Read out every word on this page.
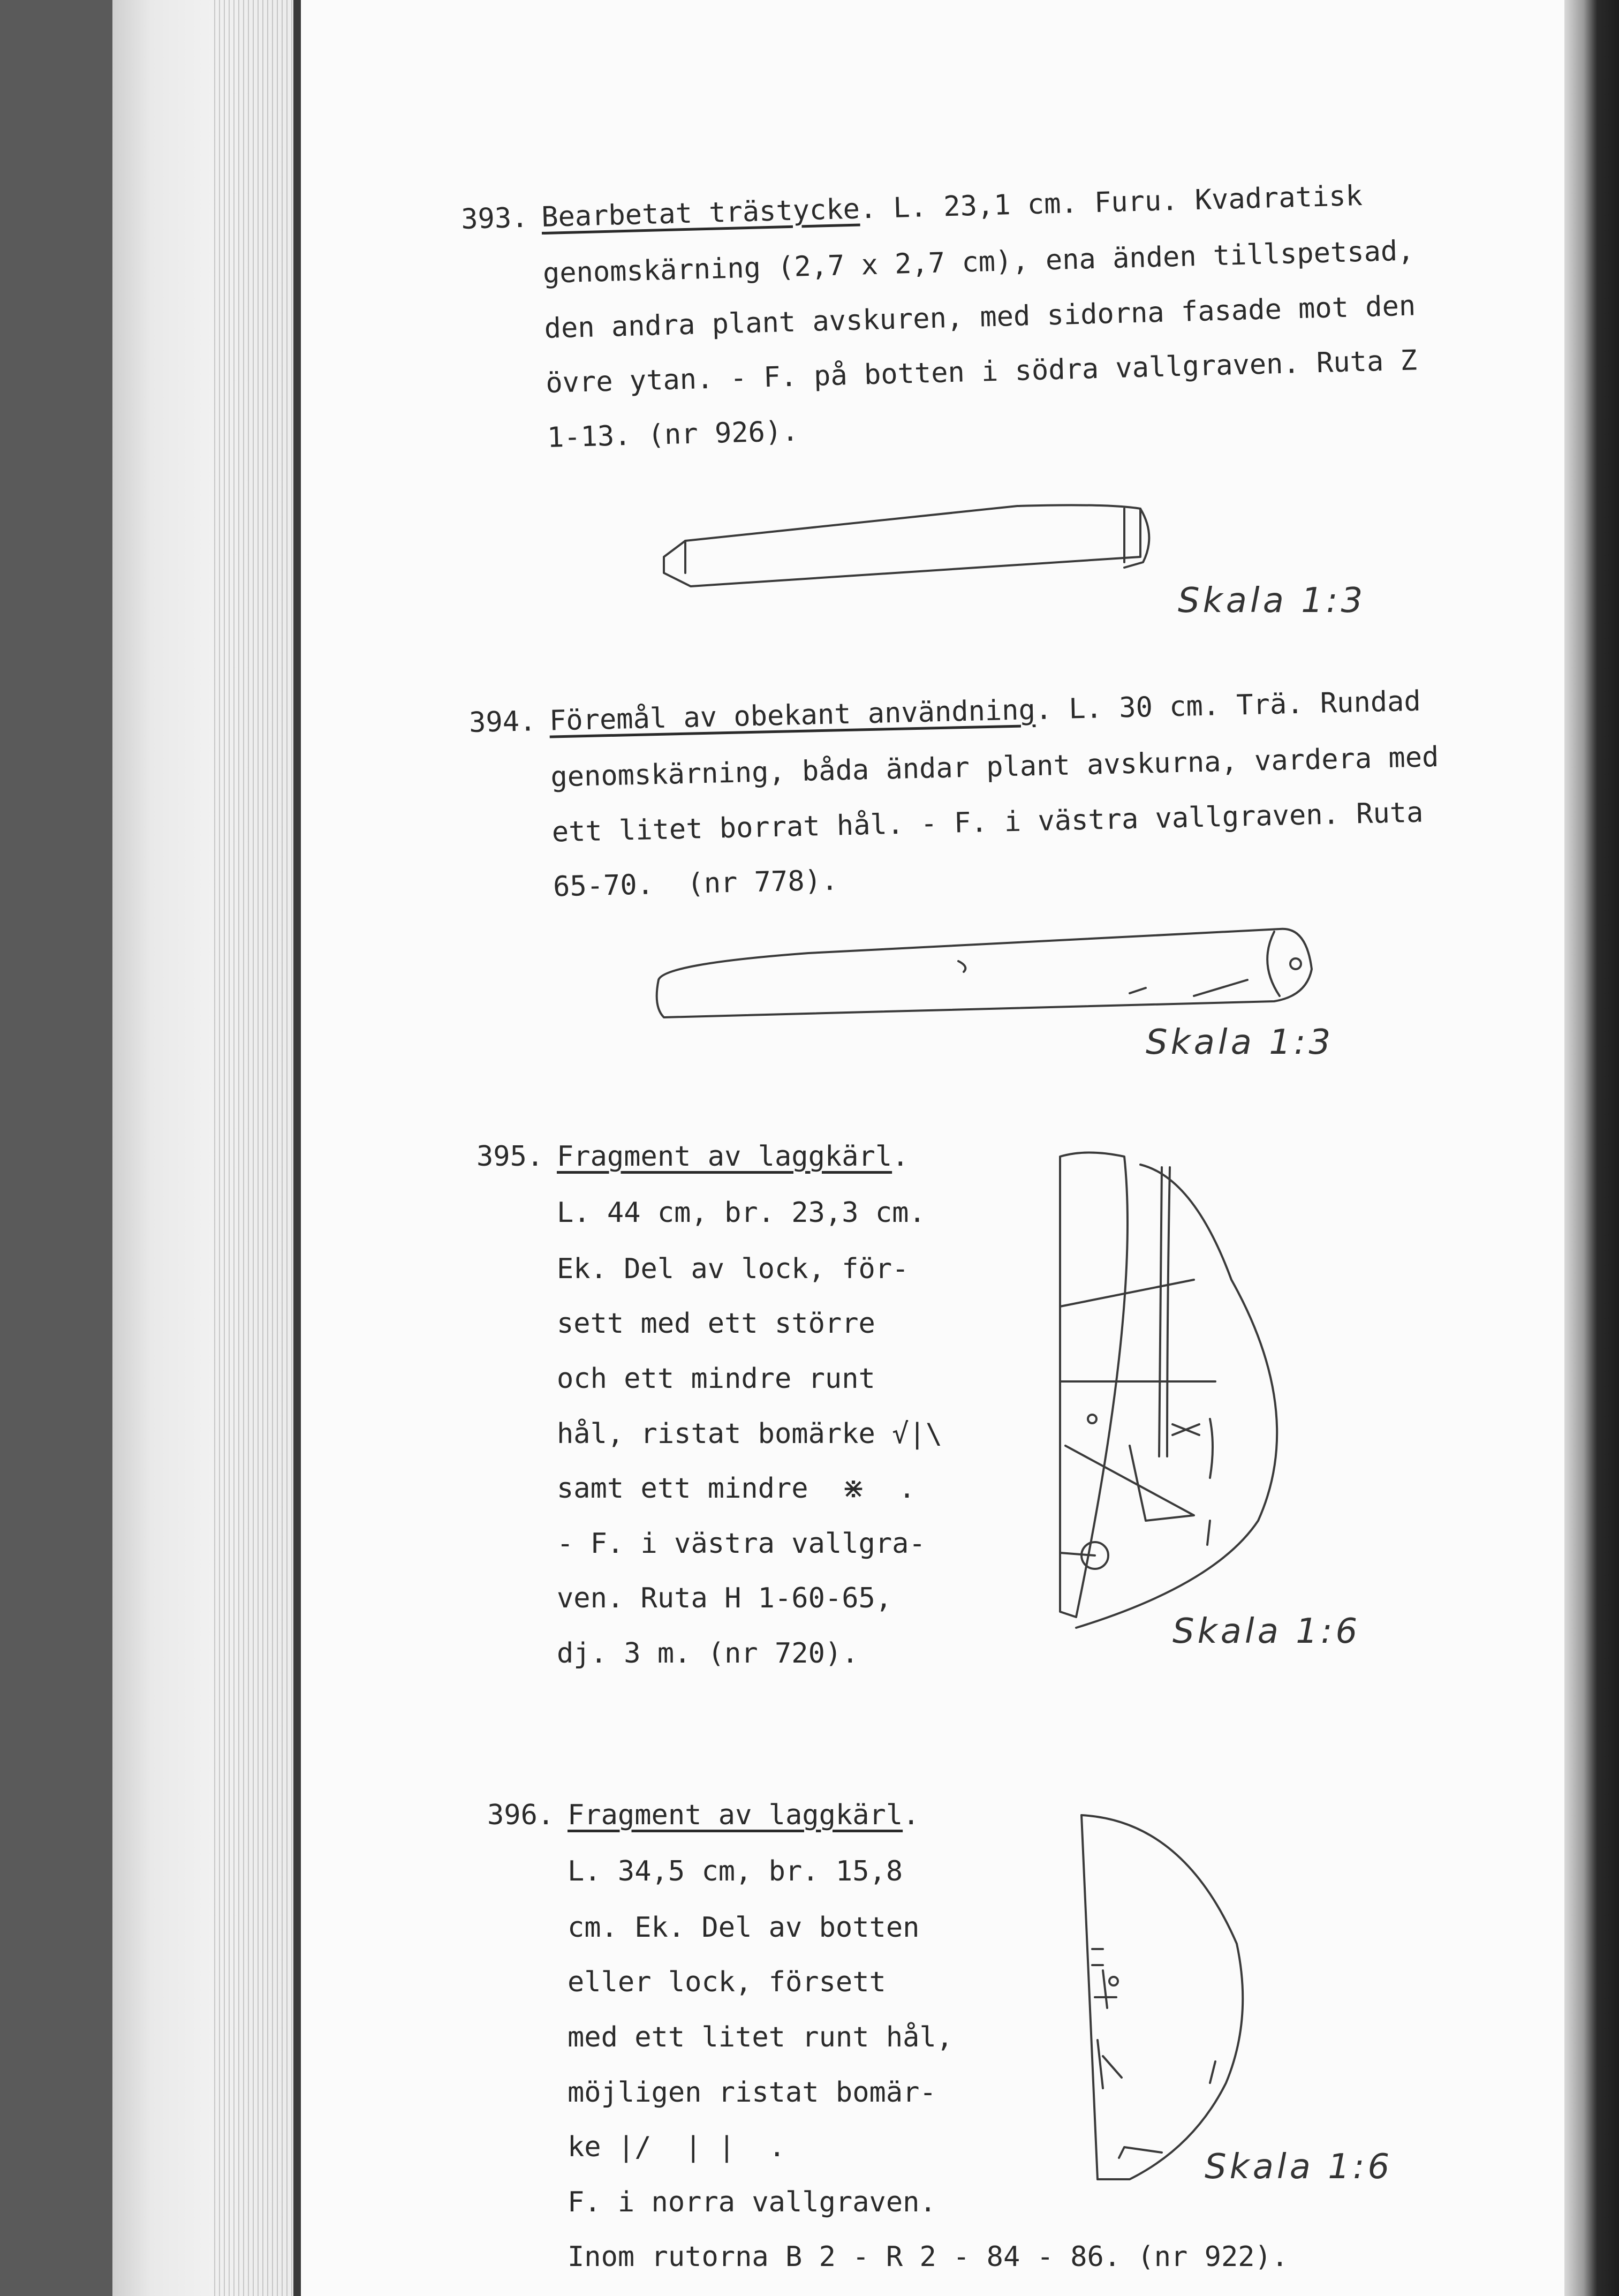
393. Bearbetat trästycke. L. 23,1 cm. Furu. Kvadratisk
genomskärning (2,7 x 2,7 cm), ena änden tillspetsad,
den andra plant avskuren, med sidorna fasade mot den
övre ytan. - F. på botten i södra vallgraven. Ruta Z
1-13. (nr 926).
Skala 1:3
394. Föremål av obekant användning. L. 30 cm. Trä. Rundad
genomskärning, båda ändar plant avskurna, vardera med
ett litet borrat hål. - F. i västra vallgraven. Ruta
65-70.  (nr 778).
Skala 1:3
395. Fragment av laggkärl.
L. 44 cm, br. 23,3 cm.
Ek. Del av lock, för-
sett med ett större
och ett mindre runt
hål, ristat bomärke √|\
samt ett mindre  ⋇  .
- F. i västra vallgra-
ven. Ruta H 1-60-65,
dj. 3 m. (nr 720).
Skala 1:6
396. Fragment av laggkärl.
L. 34,5 cm, br. 15,8
cm. Ek. Del av botten
eller lock, försett
med ett litet runt hål,
möjligen ristat bomär-
ke |/  | |  .
F. i norra vallgraven.
Inom rutorna B 2 - R 2 - 84 - 86. (nr 922).
Skala 1:6
